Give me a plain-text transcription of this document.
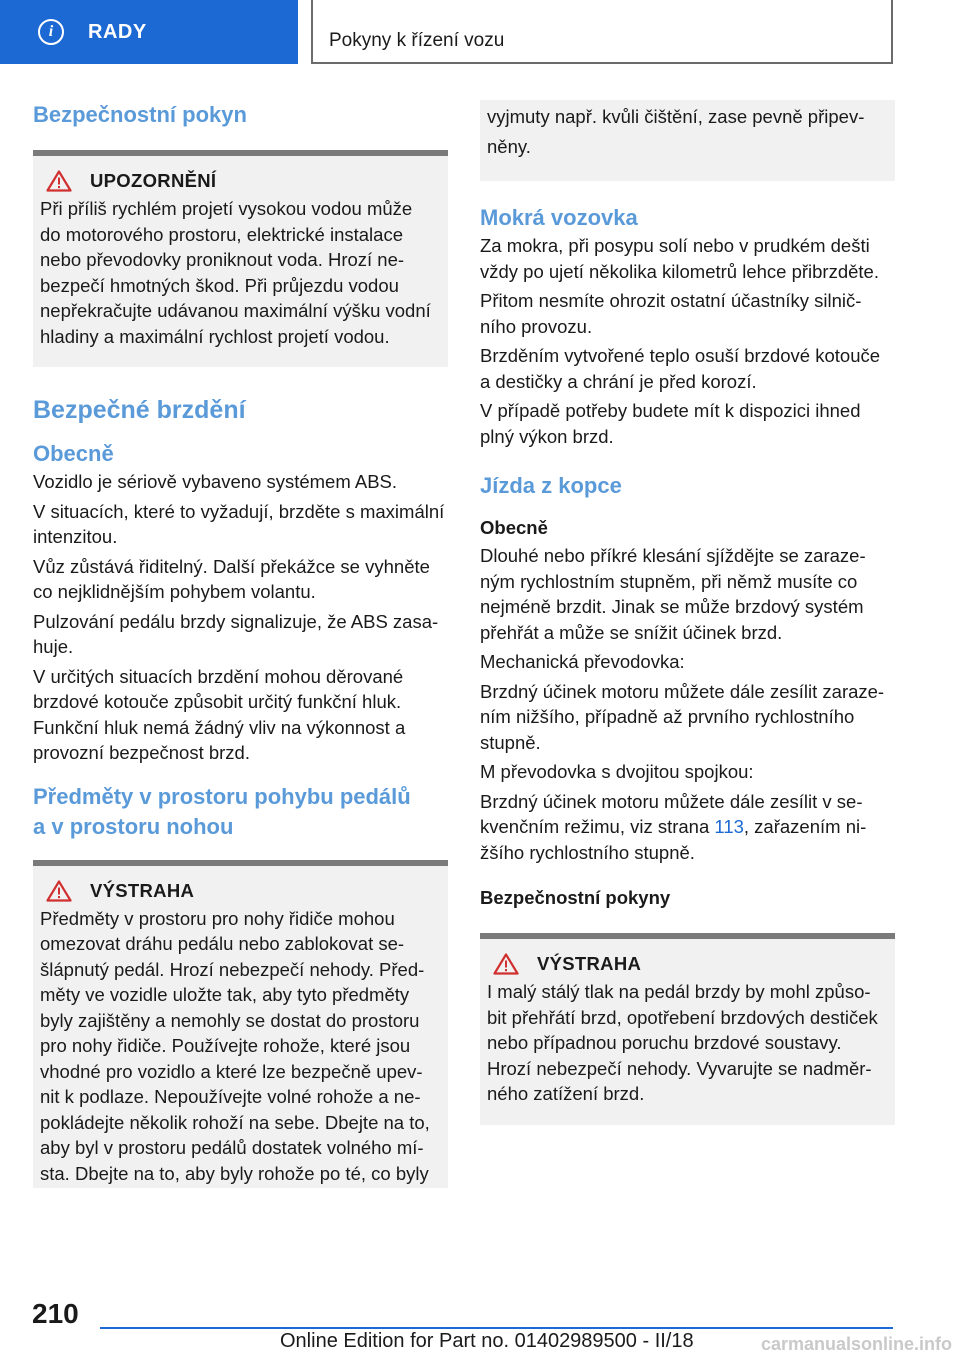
i	RADY	Pokyny k řízení vozu
Bezpečnostní pokyn
UPOZORNĚNÍ

Při příliš rychlém projetí vysokou vodou může

do motorového prostoru, elektrické instalace

nebo převodovky proniknout voda. Hrozí ne‐

bezpečí hmotných škod. Při průjezdu vodou

nepřekračujte udávanou maximální výšku vodní

hladiny a maximální rychlost projetí vodou.

Bezpečné brzdění
Obecně

Vozidlo je sériově vybaveno systémem ABS.

V situacích, které to vyžadují, brzděte s maximální

intenzitou.

Vůz zůstává řiditelný. Další překážce se vyhněte

co nejklidnějším pohybem volantu.

Pulzování pedálu brzdy signalizuje, že ABS zasa‐

huje.

V určitých situacích brzdění mohou děrované
brzdové kotouče způsobit určitý funkční hluk.
Funkční hluk nemá žádný vliv na výkonnost a

provozní bezpečnost brzd.

Předměty v prostoru pohybu pedálů
a v prostoru nohou
VÝSTRAHA

Předměty v prostoru pro nohy řidiče mohou

omezovat dráhu pedálu nebo zablokovat se‐

šlápnutý pedál. Hrozí nebezpečí nehody. Před‐

měty ve vozidle uložte tak, aby tyto předměty

byly zajištěny a nemohly se dostat do prostoru

pro nohy řidiče. Používejte rohože, které jsou

vhodné pro vozidlo a které lze bezpečně upev‐

nit k podlaze. Nepoužívejte volné rohože a ne‐

pokládejte několik rohoží na sebe. Dbejte na to,

aby byl v prostoru pedálů dostatek volného mí‐

sta. Dbejte na to, aby byly rohože po té, co byly

vyjmuty např. kvůli čištění, zase pevně připev‐

něny.

Mokrá vozovka
Za mokra, při posypu solí nebo v prudkém dešti

vždy po ujetí několika kilometrů lehce přibrzděte.

Přitom nesmíte ohrozit ostatní účastníky silnič‐

ního provozu.

Brzděním vytvořené teplo osuší brzdové kotouče

a destičky a chrání je před korozí.

V případě potřeby budete mít k dispozici ihned

plný výkon brzd.

Jízda z kopce

Obecně

Dlouhé nebo příkré klesání sjíždějte se zaraze‐
ným rychlostním stupněm, při němž musíte co
nejméně brzdit. Jinak se může brzdový systém

přehřát a může se snížit účinek brzd.

Mechanická převodovka:

Brzdný účinek motoru můžete dále zesílit zaraze‐
ním nižšího, případně až prvního rychlostního

stupně.

M převodovka s dvojitou spojkou:

Brzdný účinek motoru můžete dále zesílit v se‐
kvenčním režimu, viz strana 113, zařazením ni‐

žšího rychlostního stupně.

Bezpečnostní pokyny

VÝSTRAHA

I malý stálý tlak na pedál brzdy by mohl způso‐

bit přehřátí brzd, opotřebení brzdových destiček

nebo případnou poruchu brzdové soustavy.

Hrozí nebezpečí nehody. Vyvarujte se nadměr‐

ného zatížení brzd.

210
Online Edition for Part no. 01402989500 - II/18	carmanualsonline.info
